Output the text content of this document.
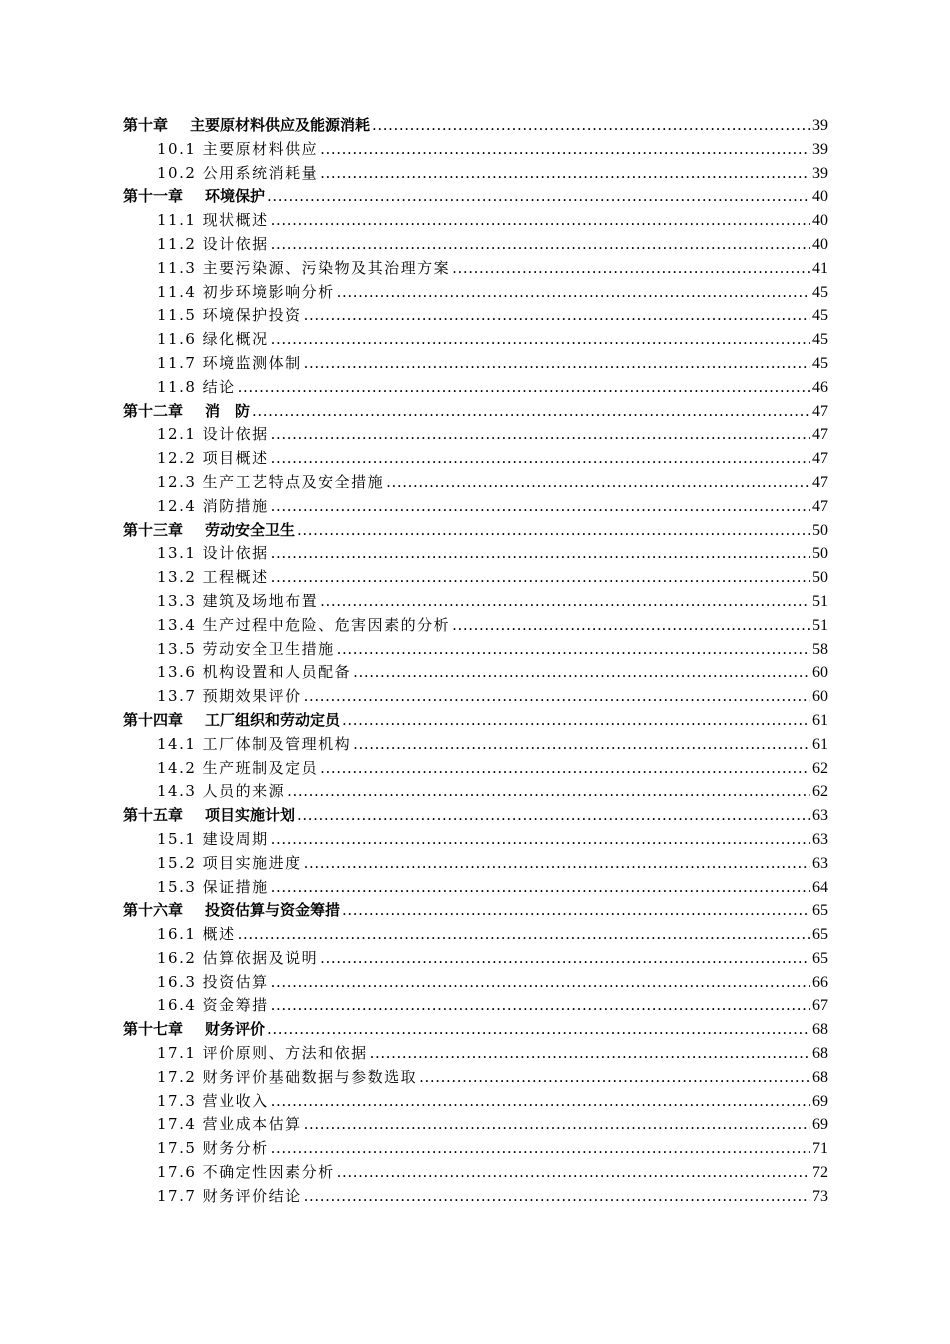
第十章 主要原材料供应及能源消耗 .....	39
10.1 主要原材料供应 .....	39
10.2 公用系统消耗量 .....	39
第十一章 环境保护 .....	40
11.1 现状概述 .....	40
11.2 设计依据 .....	40
11.3 主要污染源、污染物及其治理方案 .....	41
11.4 初步环境影响分析 .....	45
11.5 环境保护投资 .....	45
11.6 绿化概况 .....	45
11.7 环境监测体制 .....	45
11.8 结论 .....	46
第十二章 消　防 .....	47
12.1 设计依据 .....	47
12.2 项目概述 .....	47
12.3 生产工艺特点及安全措施 .....	47
12.4 消防措施 .....	47
第十三章 劳动安全卫生 .....	50
13.1 设计依据 .....	50
13.2 工程概述 .....	50
13.3 建筑及场地布置 .....	51
13.4 生产过程中危险、危害因素的分析 .....	51
13.5 劳动安全卫生措施 .....	58
13.6 机构设置和人员配备 .....	60
13.7 预期效果评价 .....	60
第十四章 工厂组织和劳动定员 .....	61
14.1 工厂体制及管理机构 .....	61
14.2 生产班制及定员 .....	62
14.3 人员的来源 .....	62
第十五章 项目实施计划 .....	63
15.1 建设周期 .....	63
15.2 项目实施进度 .....	63
15.3 保证措施 .....	64
第十六章 投资估算与资金筹措 .....	65
16.1 概述 .....	65
16.2 估算依据及说明 .....	65
16.3 投资估算 .....	66
16.4 资金筹措 .....	67
第十七章 财务评价 .....	68
17.1 评价原则、方法和依据 .....	68
17.2 财务评价基础数据与参数选取 .....	68
17.3 营业收入 .....	69
17.4 营业成本估算 .....	69
17.5 财务分析 .....	71
17.6 不确定性因素分析 .....	72
17.7 财务评价结论 .....	73
